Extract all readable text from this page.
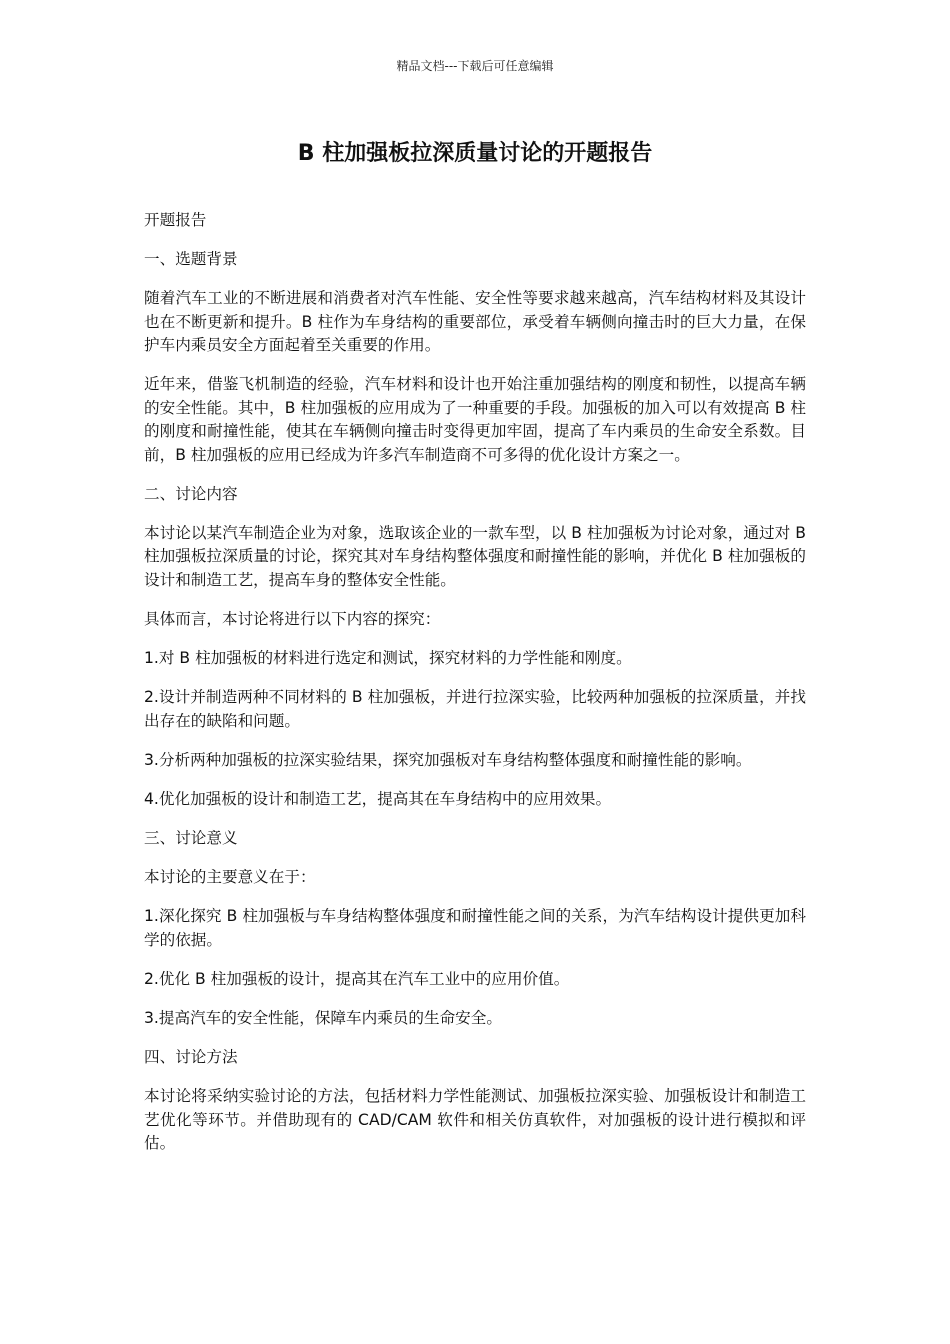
精品文档---下载后可任意编辑
B 柱加强板拉深质量讨论的开题报告

开题报告

一、选题背景

随着汽车工业的不断进展和消费者对汽车性能、安全性等要求越来越高，汽车结构材料及其设计也在不断更新和提升。B 柱作为车身结构的重要部位，承受着车辆侧向撞击时的巨大力量，在保护车内乘员安全方面起着至关重要的作用。

近年来，借鉴飞机制造的经验，汽车材料和设计也开始注重加强结构的刚度和韧性，以提高车辆的安全性能。其中，B 柱加强板的应用成为了一种重要的手段。加强板的加入可以有效提高 B 柱的刚度和耐撞性能，使其在车辆侧向撞击时变得更加牢固，提高了车内乘员的生命安全系数。目前，B 柱加强板的应用已经成为许多汽车制造商不可多得的优化设计方案之一。

二、讨论内容

本讨论以某汽车制造企业为对象，选取该企业的一款车型，以 B 柱加强板为讨论对象，通过对 B 柱加强板拉深质量的讨论，探究其对车身结构整体强度和耐撞性能的影响，并优化 B 柱加强板的设计和制造工艺，提高车身的整体安全性能。

具体而言，本讨论将进行以下内容的探究：

1.对 B 柱加强板的材料进行选定和测试，探究材料的力学性能和刚度。

2.设计并制造两种不同材料的 B 柱加强板，并进行拉深实验，比较两种加强板的拉深质量，并找出存在的缺陷和问题。

3.分析两种加强板的拉深实验结果，探究加强板对车身结构整体强度和耐撞性能的影响。

4.优化加强板的设计和制造工艺，提高其在车身结构中的应用效果。

三、讨论意义

本讨论的主要意义在于：

1.深化探究 B 柱加强板与车身结构整体强度和耐撞性能之间的关系，为汽车结构设计提供更加科学的依据。

2.优化 B 柱加强板的设计，提高其在汽车工业中的应用价值。

3.提高汽车的安全性能，保障车内乘员的生命安全。

四、讨论方法

本讨论将采纳实验讨论的方法，包括材料力学性能测试、加强板拉深实验、加强板设计和制造工艺优化等环节。并借助现有的 CAD/CAM 软件和相关仿真软件，对加强板的设计进行模拟和评估。
